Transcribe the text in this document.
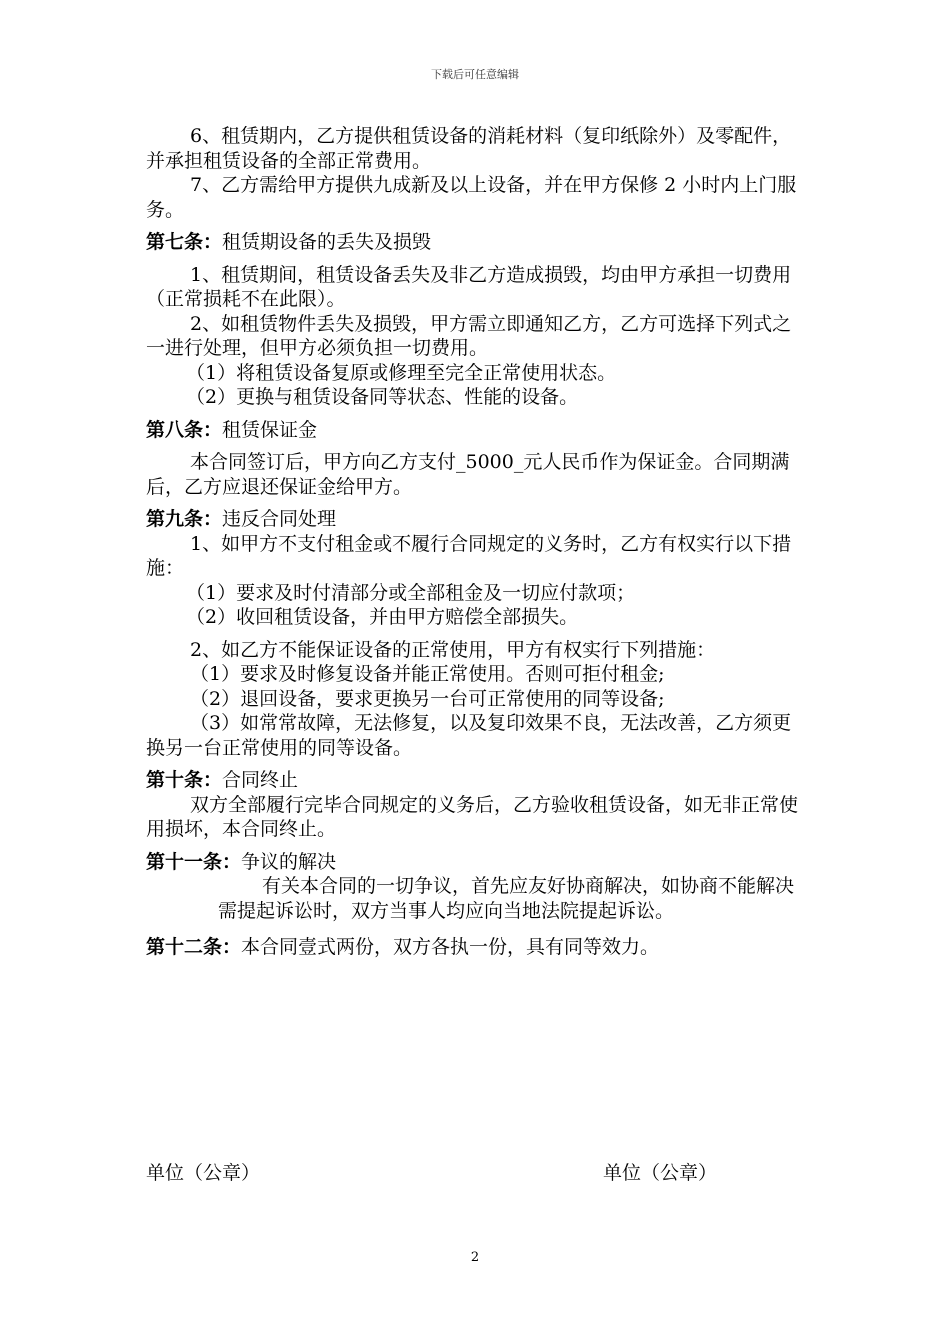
下载后可任意编辑

6、租赁期内，乙方提供租赁设备的消耗材料（复印纸除外）及零配件，并承担租赁设备的全部正常费用。

7、乙方需给甲方提供九成新及以上设备，并在甲方保修 2 小时内上门服务。

第七条：租赁期设备的丢失及损毁

1、租赁期间，租赁设备丢失及非乙方造成损毁，均由甲方承担一切费用（正常损耗不在此限）。

2、如租赁物件丢失及损毁，甲方需立即通知乙方，乙方可选择下列式之一进行处理，但甲方必须负担一切费用。

（1）将租赁设备复原或修理至完全正常使用状态。

（2）更换与租赁设备同等状态、性能的设备。

第八条：租赁保证金

本合同签订后，甲方向乙方支付_5000_元人民币作为保证金。合同期满后，乙方应退还保证金给甲方。

第九条：违反合同处理

1、如甲方不支付租金或不履行合同规定的义务时，乙方有权实行以下措施：

（1）要求及时付清部分或全部租金及一切应付款项；

（2）收回租赁设备，并由甲方赔偿全部损失。

2、如乙方不能保证设备的正常使用，甲方有权实行下列措施：

（1）要求及时修复设备并能正常使用。否则可拒付租金;

（2）退回设备，要求更换另一台可正常使用的同等设备;

（3）如常常故障，无法修复，以及复印效果不良，无法改善，乙方须更换另一台正常使用的同等设备。

第十条：合同终止

双方全部履行完毕合同规定的义务后，乙方验收租赁设备，如无非正常使用损坏，本合同终止。

第十一条：争议的解决

有关本合同的一切争议，首先应友好协商解决，如协商不能解决需提起诉讼时，双方当事人均应向当地法院提起诉讼。

第十二条：本合同壹式两份，双方各执一份，具有同等效力。

单位（公章）	单位（公章）
2
